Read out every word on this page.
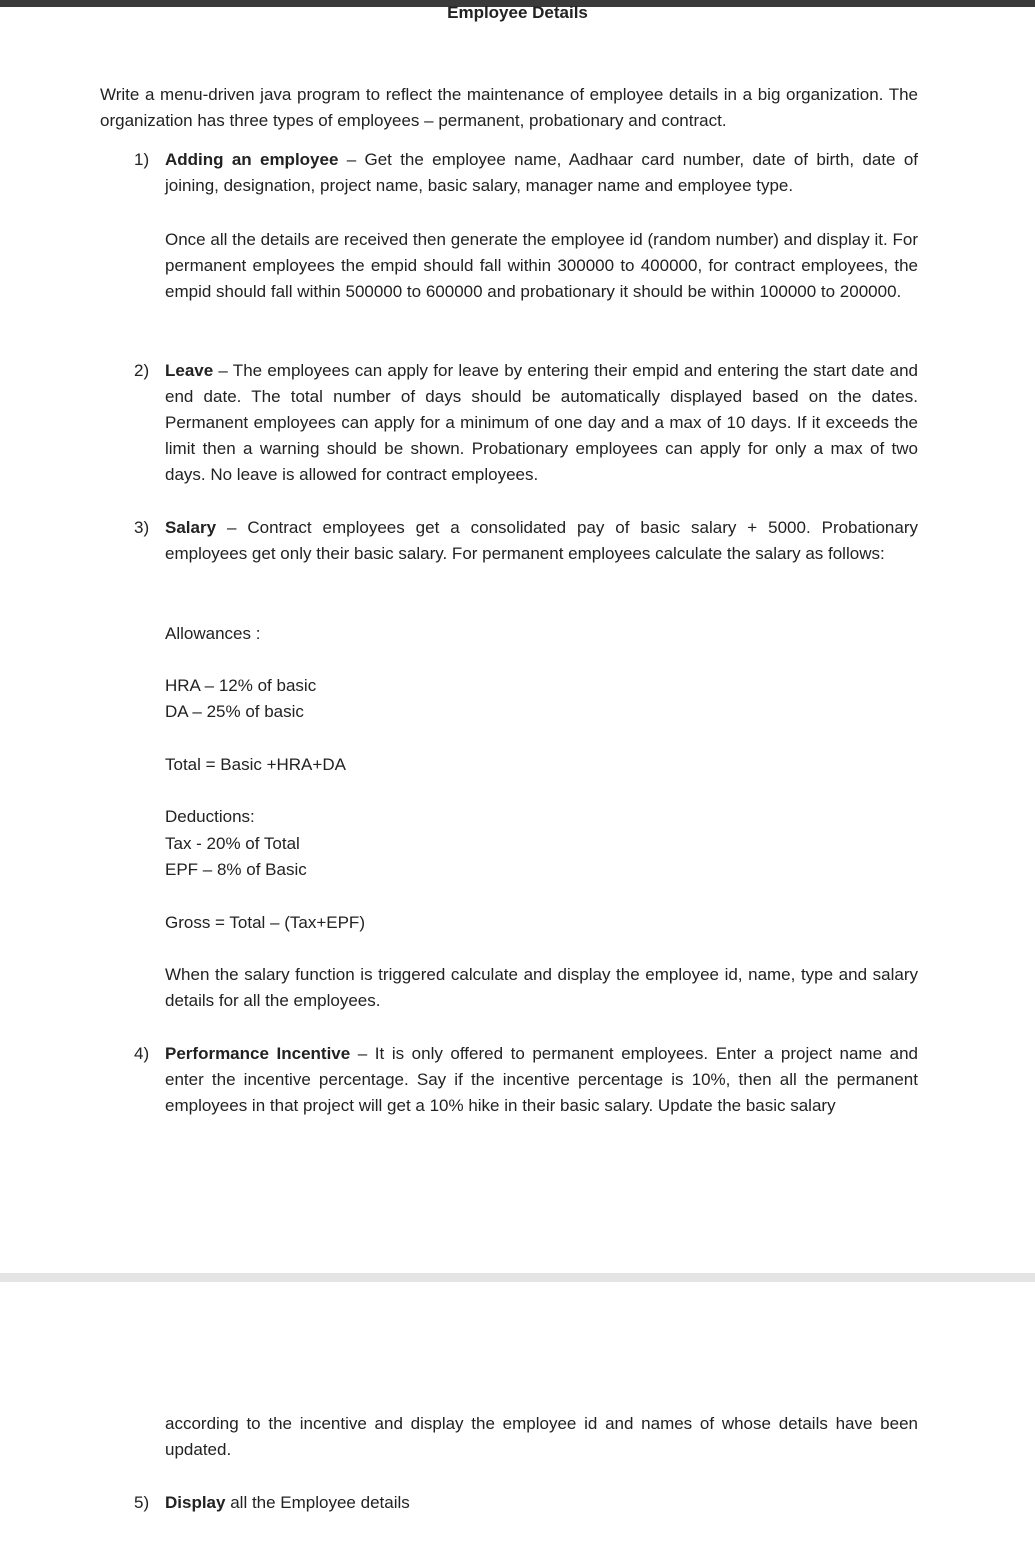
Employee Details
Write a menu-driven java program to reflect the maintenance of employee details in a big organization. The organization has three types of employees – permanent, probationary and contract.
1) Adding an employee – Get the employee name, Aadhaar card number, date of birth, date of joining, designation, project name, basic salary, manager name and employee type.
Once all the details are received then generate the employee id (random number) and display it. For permanent employees the empid should fall within 300000 to 400000, for contract employees, the empid should fall within 500000 to 600000 and probationary it should be within 100000 to 200000.
2) Leave – The employees can apply for leave by entering their empid and entering the start date and end date. The total number of days should be automatically displayed based on the dates. Permanent employees can apply for a minimum of one day and a max of 10 days. If it exceeds the limit then a warning should be shown. Probationary employees can apply for only a max of two days. No leave is allowed for contract employees.
3) Salary – Contract employees get a consolidated pay of basic salary + 5000. Probationary employees get only their basic salary. For permanent employees calculate the salary as follows:
Allowances :
HRA – 12% of basic
DA – 25% of basic
Total = Basic +HRA+DA
Deductions:
Tax - 20% of Total
EPF – 8% of Basic
Gross = Total – (Tax+EPF)
When the salary function is triggered calculate and display the employee id, name, type and salary details for all the employees.
4) Performance Incentive – It is only offered to permanent employees. Enter a project name and enter the incentive percentage. Say if the incentive percentage is 10%, then all the permanent employees in that project will get a 10% hike in their basic salary. Update the basic salary
according to the incentive and display the employee id and names of whose details have been updated.
5) Display all the Employee details
